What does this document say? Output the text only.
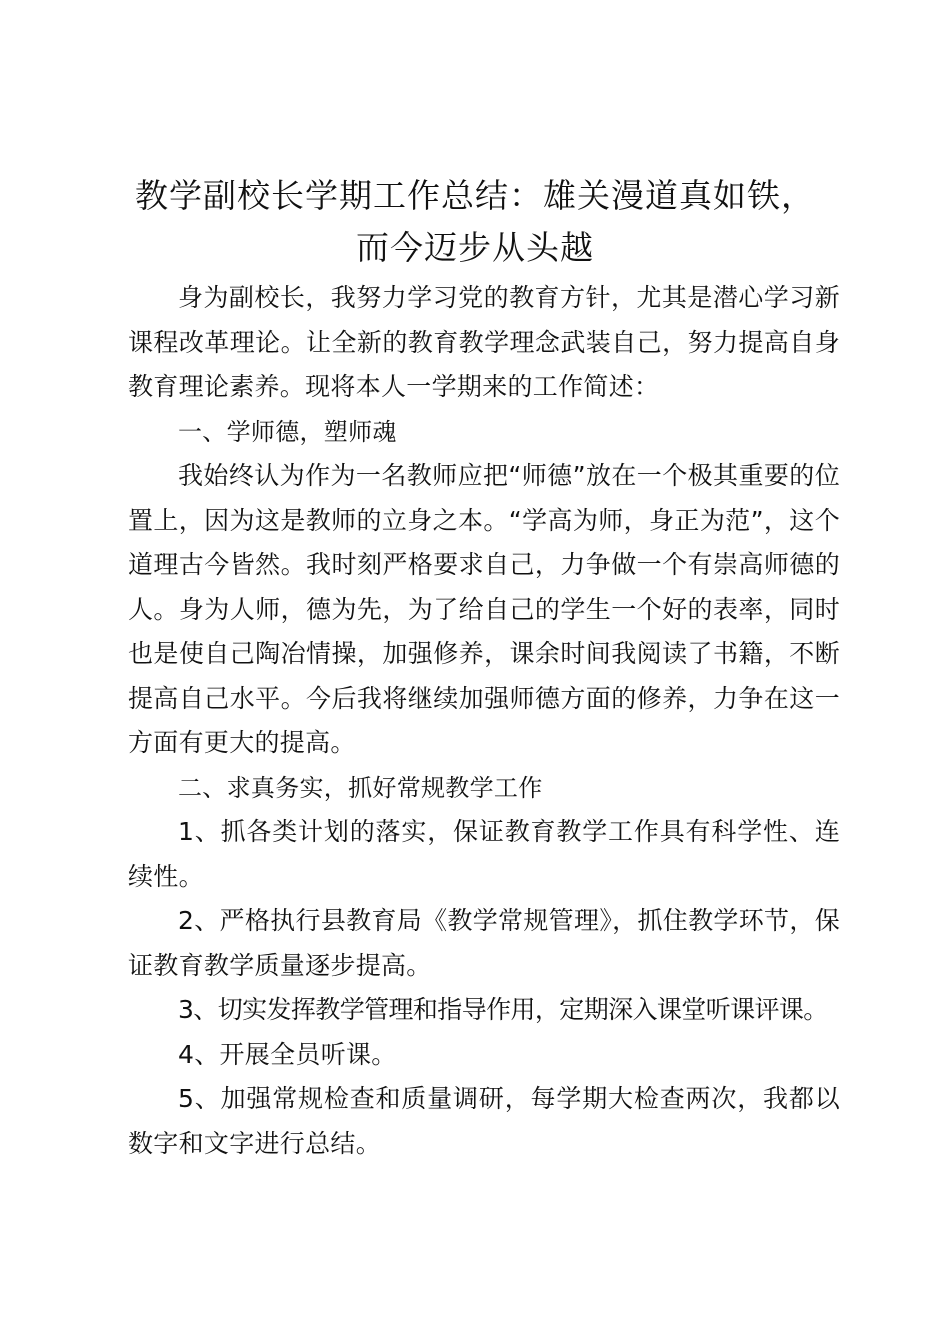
教学副校长学期工作总结：雄关漫道真如铁，
而今迈步从头越

身为副校长，我努力学习党的教育方针，尤其是潜心学习新课程改革理论。让全新的教育教学理念武装自己，努力提高自身教育理论素养。现将本人一学期来的工作简述：

一、学师德，塑师魂

我始终认为作为一名教师应把“师德”放在一个极其重要的位置上，因为这是教师的立身之本。“学高为师，身正为范”，这个道理古今皆然。我时刻严格要求自己，力争做一个有崇高师德的人。身为人师，德为先，为了给自己的学生一个好的表率，同时也是使自己陶冶情操，加强修养，课余时间我阅读了书籍，不断提高自己水平。今后我将继续加强师德方面的修养，力争在这一方面有更大的提高。

二、求真务实，抓好常规教学工作

1、抓各类计划的落实，保证教育教学工作具有科学性、连续性。

2、严格执行县教育局《教学常规管理》，抓住教学环节，保证教育教学质量逐步提高。

3、切实发挥教学管理和指导作用，定期深入课堂听课评课。

4、开展全员听课。

5、加强常规检查和质量调研，每学期大检查两次，我都以数字和文字进行总结。
